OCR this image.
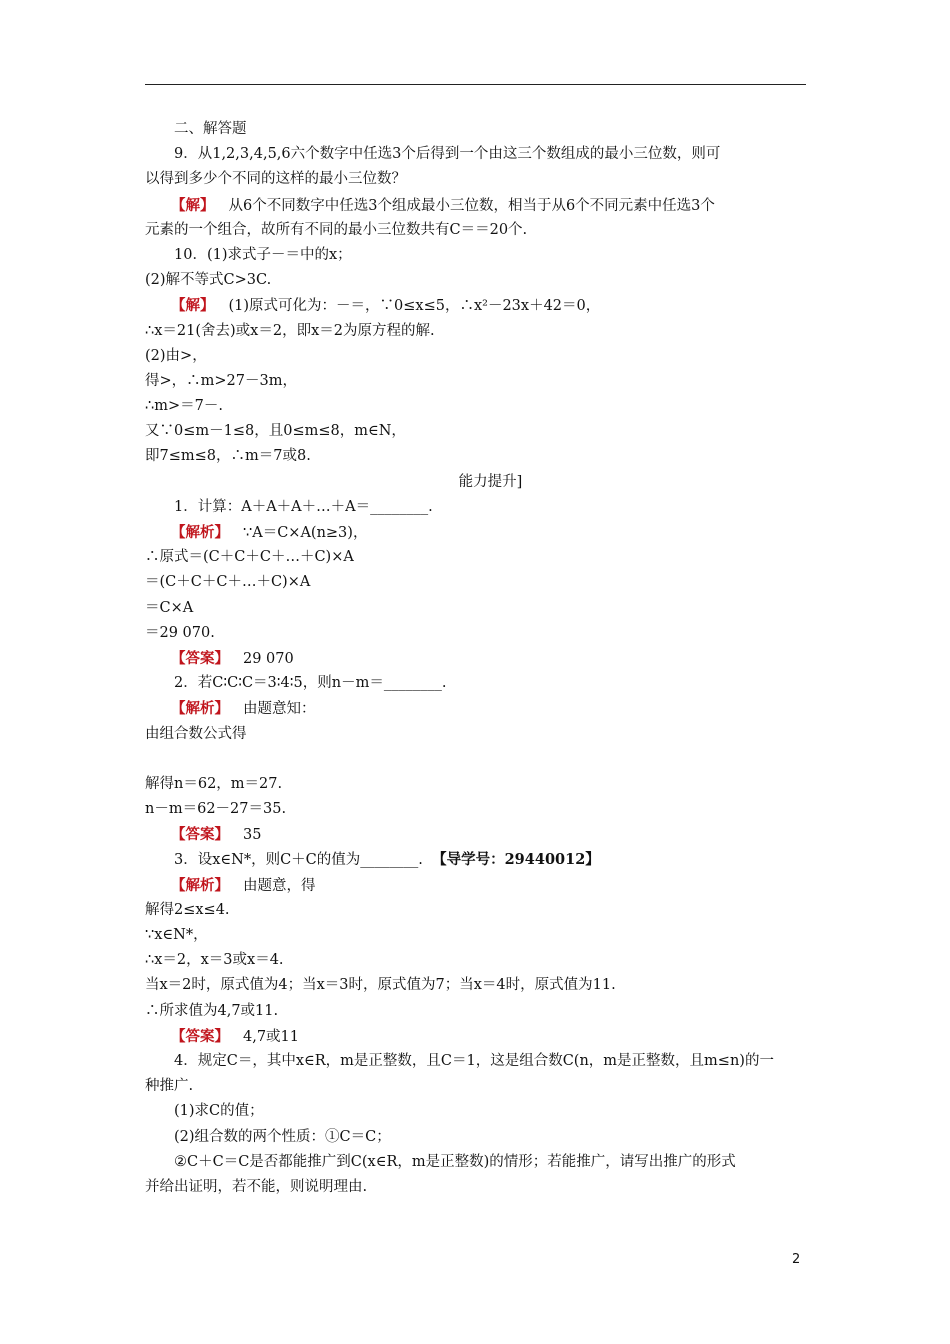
二、解答题
9．从1,2,3,4,5,6六个数字中任选3个后得到一个由这三个数组成的最小三位数，则可
以得到多少个不同的这样的最小三位数？
【解】 从6个不同数字中任选3个组成最小三位数，相当于从6个不同元素中任选3个
元素的一个组合，故所有不同的最小三位数共有C＝＝20个.
10．(1)求式子－＝中的x；
(2)解不等式C>3C.
【解】 (1)原式可化为：－＝，∵0≤x≤5，∴x²－23x＋42＝0，
∴x＝21(舍去)或x＝2，即x＝2为原方程的解.
(2)由>，
得>，∴m>27－3m，
∴m>＝7－.
又∵0≤m－1≤8，且0≤m≤8，m∈N，
即7≤m≤8，∴m＝7或8.
能力提升]
1．计算：A＋A＋A＋…＋A＝________.
【解析】 ∵A＝C×A(n≥3)，
∴原式＝(C＋C＋C＋…＋C)×A
＝(C＋C＋C＋…＋C)×A
＝C×A
＝29 070.
【答案】 29 070
2．若C∶C∶C＝3∶4∶5，则n－m＝________.
【解析】 由题意知：
由组合数公式得
解得n＝62，m＝27.
n－m＝62－27＝35.
【答案】 35
3．设x∈N*，则C＋C的值为________. 【导学号：29440012】
【解析】 由题意，得
解得2≤x≤4.
∵x∈N*，
∴x＝2，x＝3或x＝4.
当x＝2时，原式值为4；当x＝3时，原式值为7；当x＝4时，原式值为11.
∴所求值为4,7或11.
【答案】 4,7或11
4．规定C＝，其中x∈R，m是正整数，且C＝1，这是组合数C(n，m是正整数，且m≤n)的一
种推广.
(1)求C的值；
(2)组合数的两个性质：①C＝C；
②C＋C＝C是否都能推广到C(x∈R，m是正整数)的情形；若能推广，请写出推广的形式
并给出证明，若不能，则说明理由.
2
